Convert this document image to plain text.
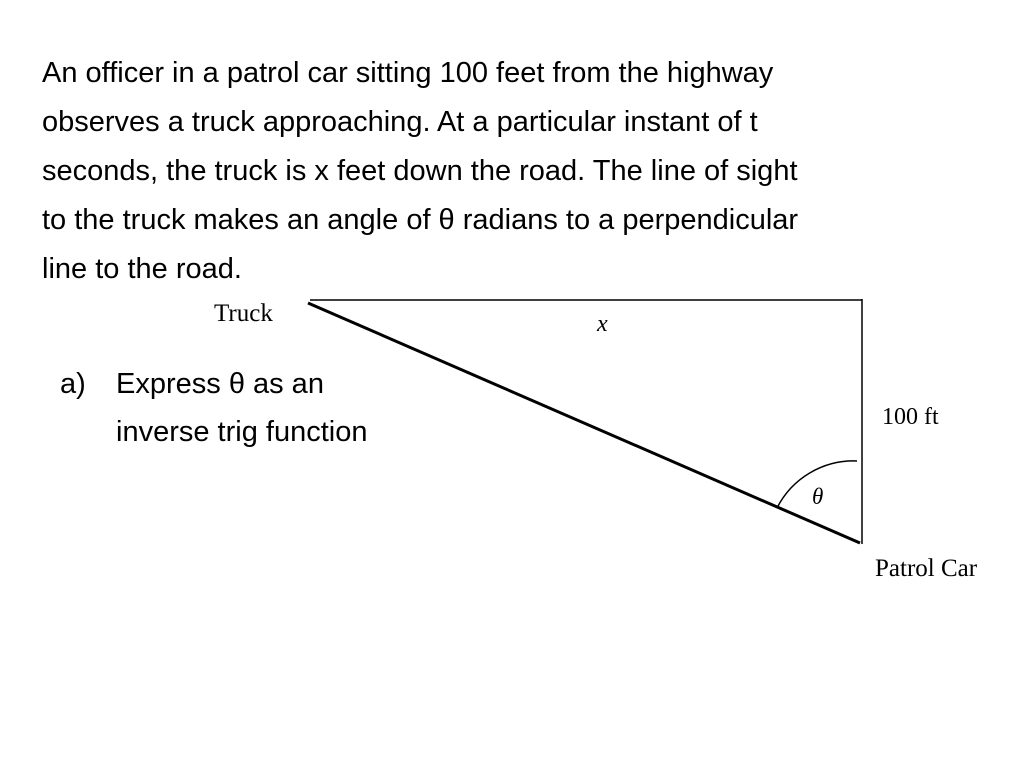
An officer in a patrol car sitting 100 feet from the highway
observes a truck approaching. At a particular instant of t
seconds, the truck is x feet down the road. The line of sight
to the truck makes an angle of θ radians to a perpendicular
line to the road.

Truck	x
100 ft
θ
Patrol Car
a)	Express θ as an
inverse trig function
